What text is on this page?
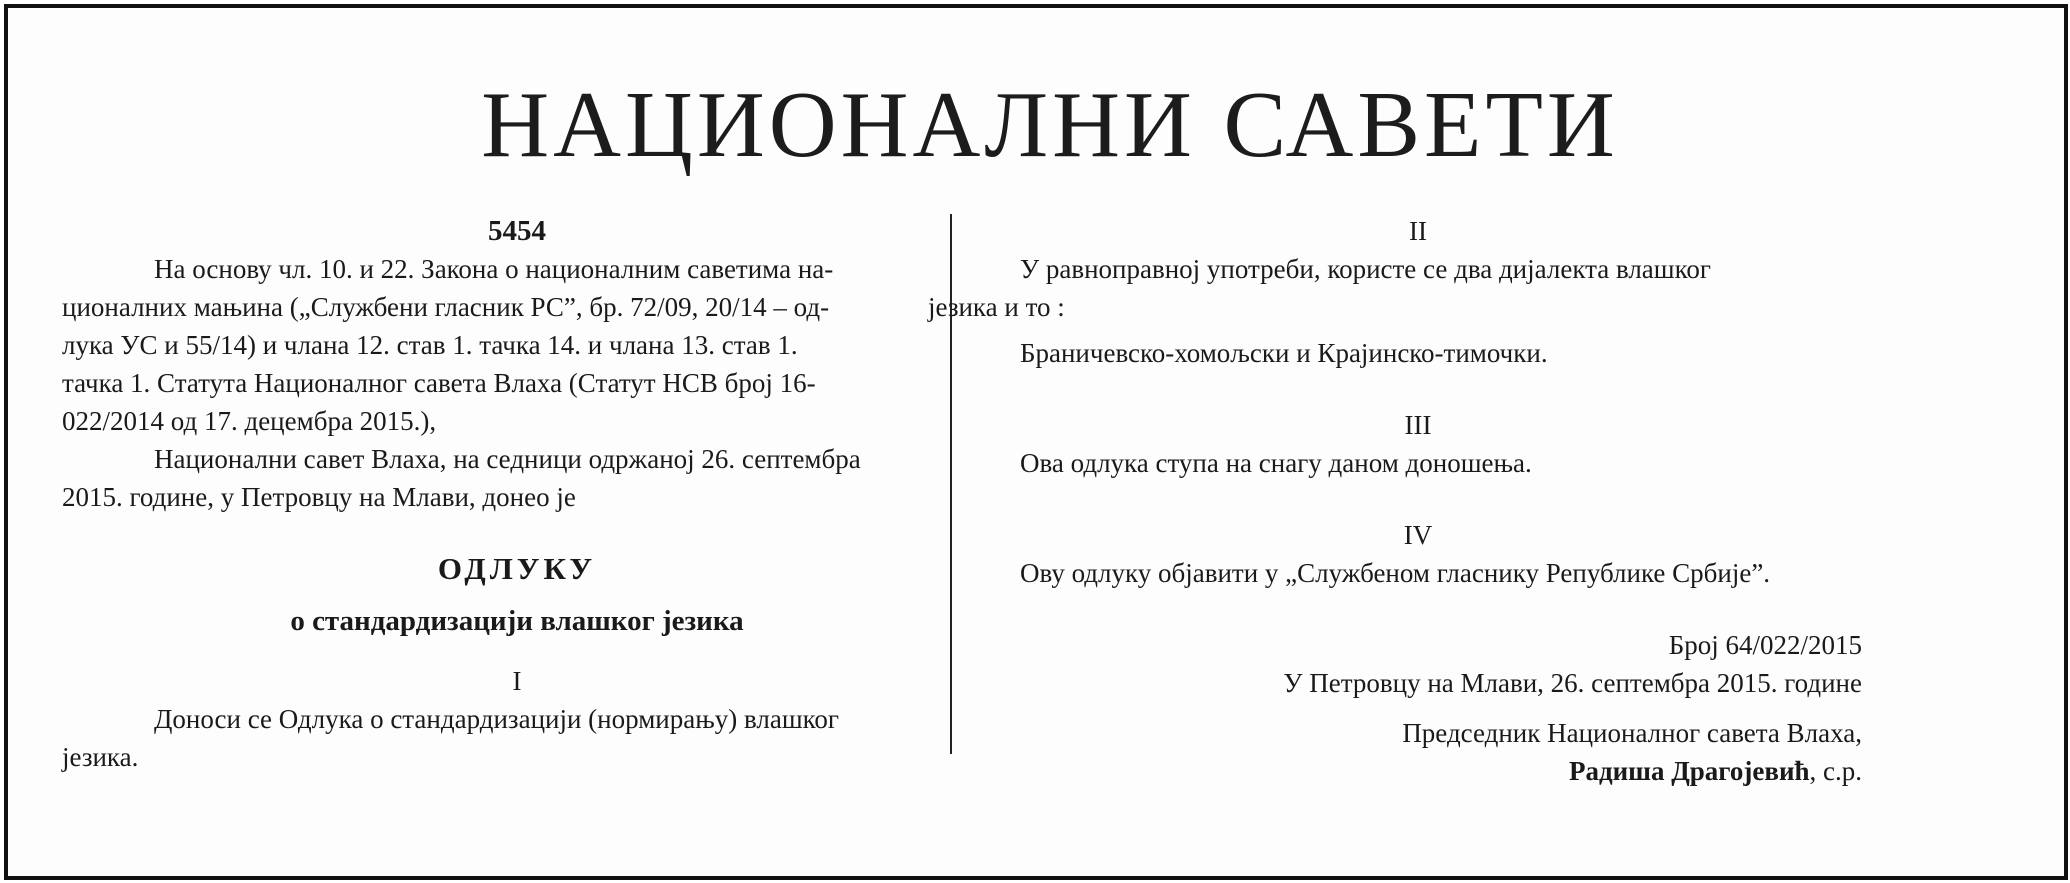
НАЦИОНАЛНИ САВЕТИ
5454

На основу чл. 10. и 22. Закона о националним саветима на-
ционалних мањина („Службени гласник РС”, бр. 72/09, 20/14 – од-
лука УС и 55/14) и члана 12. став 1. тачка 14. и члана 13. став 1.
тачка 1. Статута Националног савета Влаха (Статут НСВ број 16-
022/2014 од 17. децембра 2015.),

Национални савет Влаха, на седници одржаној 26. септембра
2015. године, у Петровцу на Млави, донео је

ОДЛУКУ
о стандардизацији влашког језика
I

Доноси се Одлука о стандардизацији (нормирању) влашког
језика.

II

У равноправној употреби, користе се два дијалекта влашког
језика и то :

Браничевско-хомољски и Крајинско-тимочки.

III

Ова одлука ступа на снагу даном доношења.

IV

Ову одлуку објавити у „Службеном гласнику Републике Србије”.

Број 64/022/2015
У Петровцу на Млави, 26. септембра 2015. године
Председник Националног савета Влаха,
Радиша Драгојевић, с.р.
